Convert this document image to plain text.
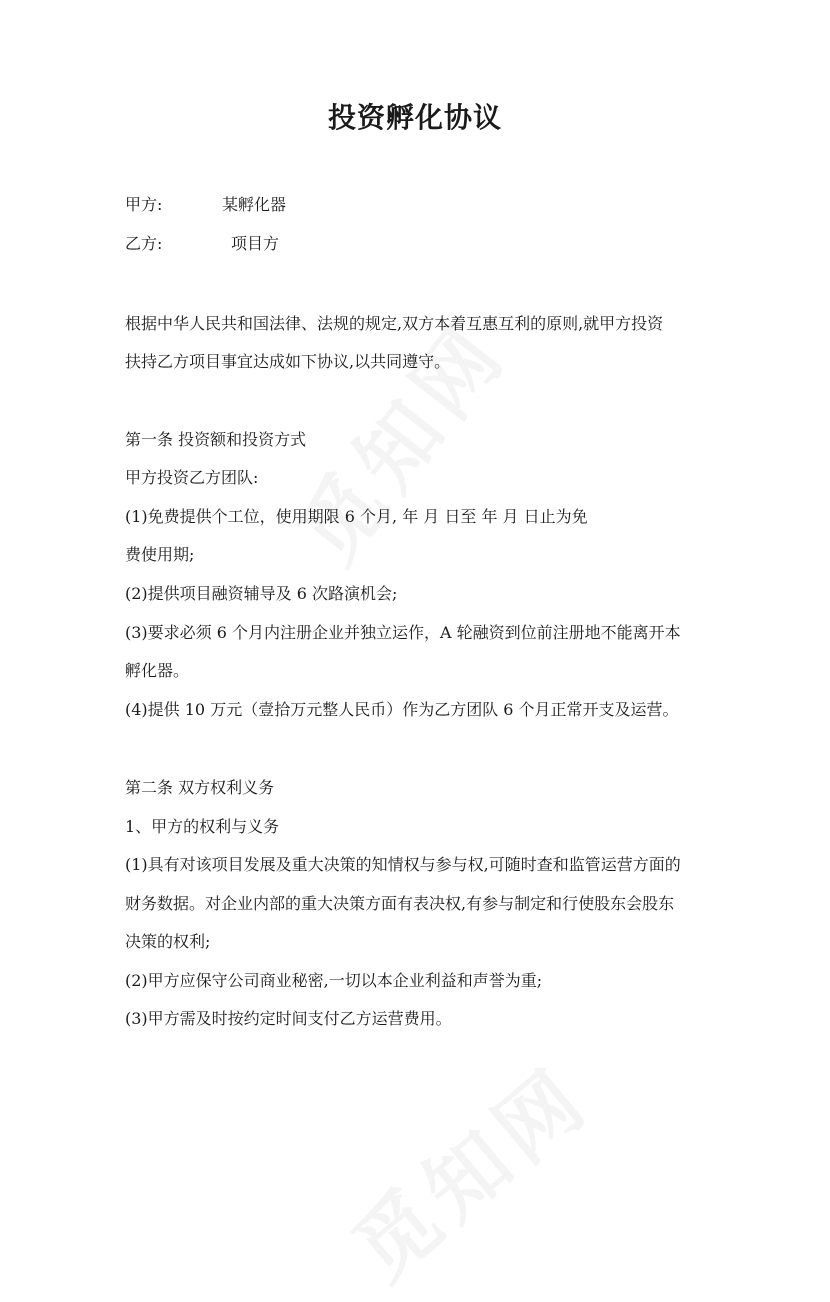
投资孵化协议
甲方:	某孵化器
乙方:	项目方
根据中华人民共和国法律、法规的规定,双方本着互惠互利的原则,就甲方投资
扶持乙方项目事宜达成如下协议,以共同遵守。
第一条 投资额和投资方式
甲方投资乙方团队:
(1)免费提供个工位，使用期限 6 个月, 年 月 日至 年 月 日止为免
费使用期;
(2)提供项目融资辅导及 6 次路演机会;
(3)要求必须 6 个月内注册企业并独立运作，A 轮融资到位前注册地不能离开本
孵化器。
(4)提供 10 万元（壹拾万元整人民币）作为乙方团队 6 个月正常开支及运营。
第二条 双方权利义务
1、甲方的权利与义务
(1)具有对该项目发展及重大决策的知情权与参与权,可随时查和监管运营方面的
财务数据。对企业内部的重大决策方面有表决权,有参与制定和行使股东会股东
决策的权利;
(2)甲方应保守公司商业秘密,一切以本企业利益和声誉为重;
(3)甲方需及时按约定时间支付乙方运营费用。
